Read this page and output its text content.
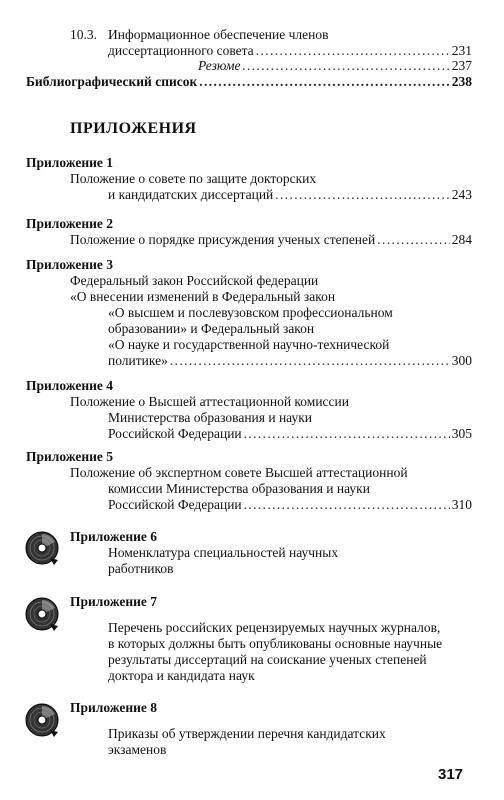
10.3. Информационное обеспечение членов
диссертационного совета . . .	231
Резюме . . .	237
Библиографический список . . .	238
ПРИЛОЖЕНИЯ
Приложение 1
Положение о совете по защите докторских
и кандидатских диссертаций . . .	243
Приложение 2
Положение о порядке присуждения ученых степеней . . .	284
Приложение 3
Федеральный закон Российской федерации
«О внесении изменений в Федеральный закон
«О высшем и послевузовском профессиональном
образовании» и Федеральный закон
«О науке и государственной научно-технической
политике» . . .	300
Приложение 4
Положение о Высшей аттестационной комиссии
Министерства образования и науки
Российской Федерации . . .	305
Приложение 5
Положение об экспертном совете Высшей аттестационной
комиссии Министерства образования и науки
Российской Федерации . . .	310
Приложение 6
Номенклатура специальностей научных
работников
Приложение 7
Перечень российских рецензируемых научных журналов,
в которых должны быть опубликованы основные научные
результаты диссертаций на соискание ученых степеней
доктора и кандидата наук
Приложение 8
Приказы об утверждении перечня кандидатских
экзаменов
317
